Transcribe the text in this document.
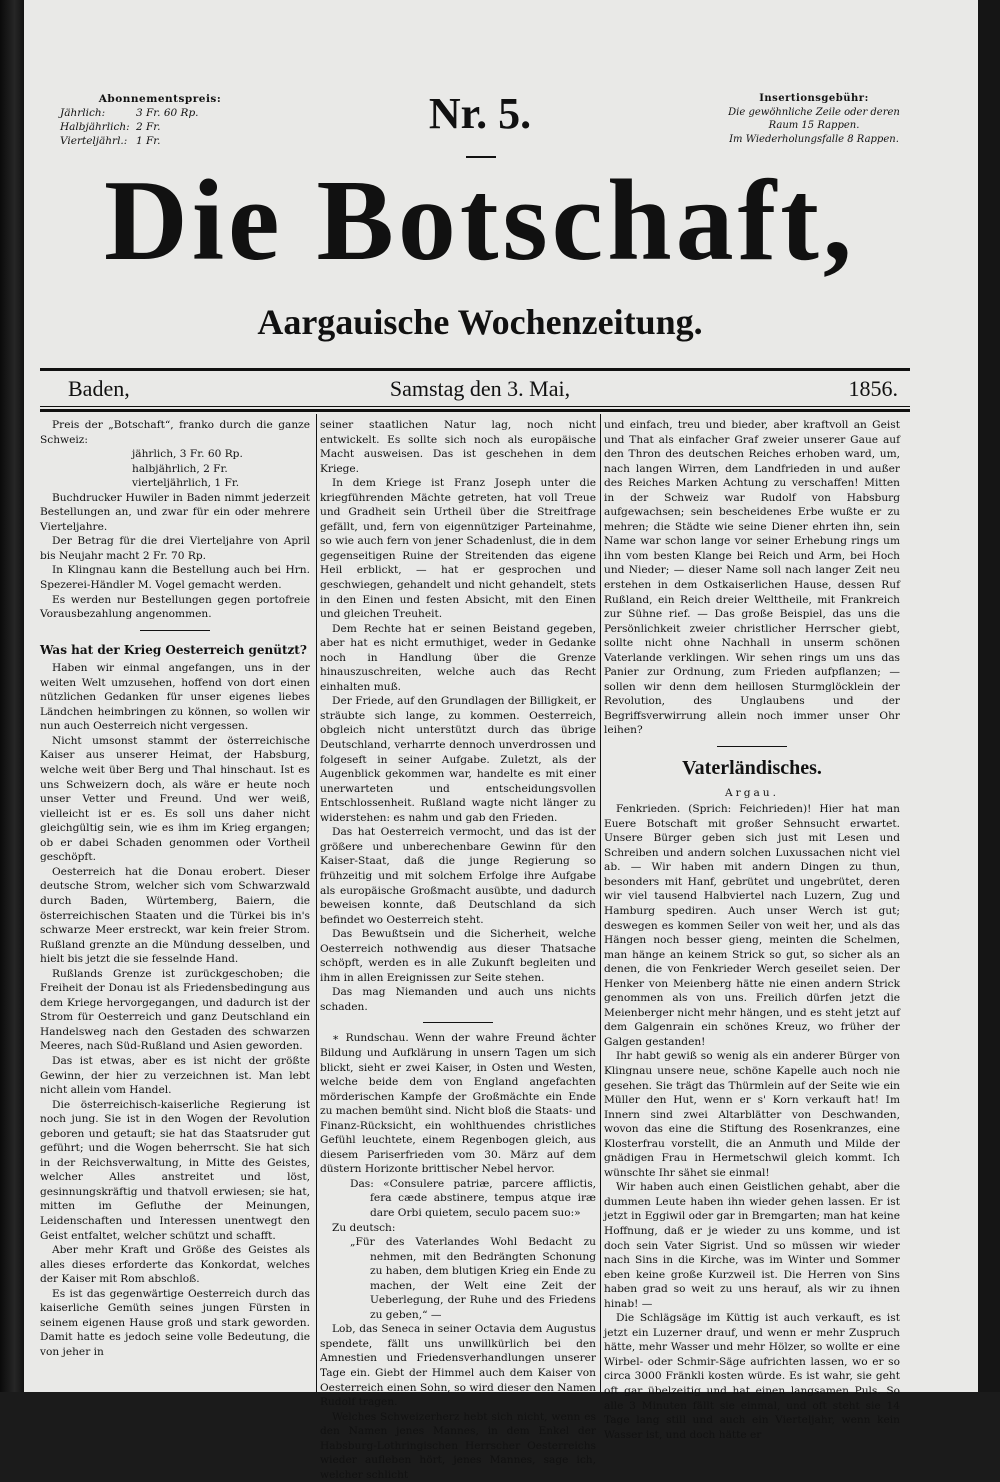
Abonnementspreis:
Jährlich:	3 Fr. 60 Rp.
Halbjährlich: 2 Fr.
Vierteljährl.: 1 Fr.
Nr. 5.	Insertionsgebühr:
Die gewöhnliche Zeile oder deren
Raum 15 Rappen.
Im Wiederholungsfalle 8 Rappen.
Die Botschaft,
Aargauische Wochenzeitung.
Baden,	Samstag den 3. Mai,	1856.

Preis der „Botschaft“, franko durch die ganze Schweiz:

jährlich, 3 Fr. 60 Rp.

halbjährlich, 2 Fr.

vierteljährlich, 1 Fr.

Buchdrucker Huwiler in Baden nimmt jederzeit Bestellungen an, und zwar für ein oder mehrere Vierteljahre.

Der Betrag für die drei Vierteljahre von April bis Neujahr macht 2 Fr. 70 Rp.

In Klingnau kann die Bestellung auch bei Hrn. Spezerei-Händler M. Vogel gemacht werden.

Es werden nur Bestellungen gegen portofreie Vorausbezahlung angenommen.

Was hat der Krieg Oesterreich genützt?

Haben wir einmal angefangen, uns in der weiten Welt umzusehen, hoffend von dort einen nützlichen Gedanken für unser eigenes liebes Ländchen heimbringen zu können, so wollen wir nun auch Oesterreich nicht vergessen.

Nicht umsonst stammt der österreichische Kaiser aus unserer Heimat, der Habsburg, welche weit über Berg und Thal hinschaut. Ist es uns Schweizern doch, als wäre er heute noch unser Vetter und Freund. Und wer weiß, vielleicht ist er es. Es soll uns daher nicht gleichgültig sein, wie es ihm im Krieg ergangen; ob er dabei Schaden genommen oder Vortheil geschöpft.

Oesterreich hat die Donau erobert. Dieser deutsche Strom, welcher sich vom Schwarzwald durch Baden, Würtemberg, Baiern, die österreichischen Staaten und die Türkei bis in's schwarze Meer erstreckt, war kein freier Strom. Rußland grenzte an die Mündung desselben, und hielt bis jetzt die sie fesselnde Hand.

Rußlands Grenze ist zurückgeschoben; die Freiheit der Donau ist als Friedensbedingung aus dem Kriege hervorgegangen, und dadurch ist der Strom für Oesterreich und ganz Deutschland ein Handelsweg nach den Gestaden des schwarzen Meeres, nach Süd-Rußland und Asien geworden.

Das ist etwas, aber es ist nicht der größte Gewinn, der hier zu verzeichnen ist. Man lebt nicht allein vom Handel.

Die österreichisch-kaiserliche Regierung ist noch jung. Sie ist in den Wogen der Revolution geboren und getauft; sie hat das Staatsruder gut geführt; und die Wogen beherrscht. Sie hat sich in der Reichsverwaltung, in Mitte des Geistes, welcher Alles anstreitet und löst, gesinnungskräftig und thatvoll erwiesen; sie hat, mitten im Gefluthe der Meinungen, Leidenschaften und Interessen unentwegt den Geist entfaltet, welcher schützt und schafft.

Aber mehr Kraft und Größe des Geistes als alles dieses erforderte das Konkordat, welches der Kaiser mit Rom abschloß.

Es ist das gegenwärtige Oesterreich durch das kaiserliche Gemüth seines jungen Fürsten in seinem eigenen Hause groß und stark geworden. Damit hatte es jedoch seine volle Bedeutung, die von jeher in

seiner staatlichen Natur lag, noch nicht entwickelt. Es sollte sich noch als europäische Macht ausweisen. Das ist geschehen in dem Kriege.

In dem Kriege ist Franz Joseph unter die kriegführenden Mächte getreten, hat voll Treue und Gradheit sein Urtheil über die Streitfrage gefällt, und, fern von eigennütziger Parteinahme, so wie auch fern von jener Schadenlust, die in dem gegenseitigen Ruine der Streitenden das eigene Heil erblickt, — hat er gesprochen und geschwiegen, gehandelt und nicht gehandelt, stets in den Einen und festen Absicht, mit den Einen und gleichen Treuheit.

Dem Rechte hat er seinen Beistand gegeben, aber hat es nicht ermuthiget, weder in Gedanke noch in Handlung über die Grenze hinauszuschreiten, welche auch das Recht einhalten muß.

Der Friede, auf den Grundlagen der Billigkeit, er sträubte sich lange, zu kommen. Oesterreich, obgleich nicht unterstützt durch das übrige Deutschland, verharrte dennoch unverdrossen und folgeseft in seiner Aufgabe. Zuletzt, als der Augenblick gekommen war, handelte es mit einer unerwarteten und entscheidungsvollen Entschlossenheit. Rußland wagte nicht länger zu widerstehen: es nahm und gab den Frieden.

Das hat Oesterreich vermocht, und das ist der größere und unberechenbare Gewinn für den Kaiser-Staat, daß die junge Regierung so frühzeitig und mit solchem Erfolge ihre Aufgabe als europäische Großmacht ausübte, und dadurch beweisen konnte, daß Deutschland da sich befindet wo Oesterreich steht.

Das Bewußtsein und die Sicherheit, welche Oesterreich nothwendig aus dieser Thatsache schöpft, werden es in alle Zukunft begleiten und ihm in allen Ereignissen zur Seite stehen.

Das mag Niemanden und auch uns nichts schaden.

∗ Rundschau. Wenn der wahre Freund ächter Bildung und Aufklärung in unsern Tagen um sich blickt, sieht er zwei Kaiser, in Osten und Westen, welche beide dem von England angefachten mörderischen Kampfe der Großmächte ein Ende zu machen bemüht sind. Nicht bloß die Staats- und Finanz-Rücksicht, ein wohlthuendes christliches Gefühl leuchtete, einem Regenbogen gleich, aus diesem Pariserfrieden vom 30. März auf dem düstern Horizonte brittischer Nebel hervor.

Das: «Consulere patriæ, parcere afflictis, fera cæde abstinere, tempus atque iræ dare Orbi quietem, seculo pacem suo:»

Zu deutsch:

„Für des Vaterlandes Wohl Bedacht zu nehmen, mit den Bedrängten Schonung zu haben, dem blutigen Krieg ein Ende zu machen, der Welt eine Zeit der Ueberlegung, der Ruhe und des Friedens zu geben,“ —

Lob, das Seneca in seiner Octavia dem Augustus spendete, fällt uns unwillkürlich bei den Amnestien und Friedensverhandlungen unserer Tage ein. Giebt der Himmel auch dem Kaiser von Oesterreich einen Sohn, so wird dieser den Namen Rudolf tragen.

Welches Schweizerherz hebt sich nicht, wenn es den Namen jenes Mannes, in dem Enkel der Habsburg-Lothringischen Herrscher Oesterreichs wieder aufleben hört, jenes Mannes, sage ich, welcher schlicht

und einfach, treu und bieder, aber kraftvoll an Geist und That als einfacher Graf zweier unserer Gaue auf den Thron des deutschen Reiches erhoben ward, um, nach langen Wirren, dem Landfrieden in und außer des Reiches Marken Achtung zu verschaffen! Mitten in der Schweiz war Rudolf von Habsburg aufgewachsen; sein bescheidenes Erbe wußte er zu mehren; die Städte wie seine Diener ehrten ihn, sein Name war schon lange vor seiner Erhebung rings um ihn vom besten Klange bei Reich und Arm, bei Hoch und Nieder; — dieser Name soll nach langer Zeit neu erstehen in dem Ostkaiserlichen Hause, dessen Ruf Rußland, ein Reich dreier Welttheile, mit Frankreich zur Sühne rief. — Das große Beispiel, das uns die Persönlichkeit zweier christlicher Herrscher giebt, sollte nicht ohne Nachhall in unserm schönen Vaterlande verklingen. Wir sehen rings um uns das Panier zur Ordnung, zum Frieden aufpflanzen; — sollen wir denn dem heillosen Sturmglöcklein der Revolution, des Unglaubens und der Begriffsverwirrung allein noch immer unser Ohr leihen?

Vaterländisches.
Argau.

Fenkrieden. (Sprich: Feichrieden)! Hier hat man Euere Botschaft mit großer Sehnsucht erwartet. Unsere Bürger geben sich just mit Lesen und Schreiben und andern solchen Luxussachen nicht viel ab. — Wir haben mit andern Dingen zu thun, besonders mit Hanf, gebrütet und ungebrütet, deren wir viel tausend Halbviertel nach Luzern, Zug und Hamburg spediren. Auch unser Werch ist gut; deswegen es kommen Seiler von weit her, und als das Hängen noch besser gieng, meinten die Schelmen, man hänge an keinem Strick so gut, so sicher als an denen, die von Fenkrieder Werch geseilet seien. Der Henker von Meienberg hätte nie einen andern Strick genommen als von uns. Freilich dürfen jetzt die Meienberger nicht mehr hängen, und es steht jetzt auf dem Galgenrain ein schönes Kreuz, wo früher der Galgen gestanden!

Ihr habt gewiß so wenig als ein anderer Bürger von Klingnau unsere neue, schöne Kapelle auch noch nie gesehen. Sie trägt das Thürmlein auf der Seite wie ein Müller den Hut, wenn er s' Korn verkauft hat! Im Innern sind zwei Altarblätter von Deschwanden, wovon das eine die Stiftung des Rosenkranzes, eine Klosterfrau vorstellt, die an Anmuth und Milde der gnädigen Frau in Hermetschwil gleich kommt. Ich wünschte Ihr sähet sie einmal!

Wir haben auch einen Geistlichen gehabt, aber die dummen Leute haben ihn wieder gehen lassen. Er ist jetzt in Eggiwil oder gar in Bremgarten; man hat keine Hoffnung, daß er je wieder zu uns komme, und ist doch sein Vater Sigrist. Und so müssen wir wieder nach Sins in die Kirche, was im Winter und Sommer eben keine große Kurzweil ist. Die Herren von Sins haben grad so weit zu uns herauf, als wir zu ihnen hinab! —

Die Schlägsäge im Küttig ist auch verkauft, es ist jetzt ein Luzerner drauf, und wenn er mehr Zuspruch hätte, mehr Wasser und mehr Hölzer, so wollte er eine Wirbel- oder Schmir-Säge aufrichten lassen, wo er so circa 3000 Fränkli kosten würde. Es ist wahr, sie geht oft gar übelzeitig und hat einen langsamen Puls. So alle 3 Minuten fällt sie einmal, und oft steht sie 14 Tage lang still und auch ein Vierteljahr, wenn kein Wasser ist, und doch hätte er
